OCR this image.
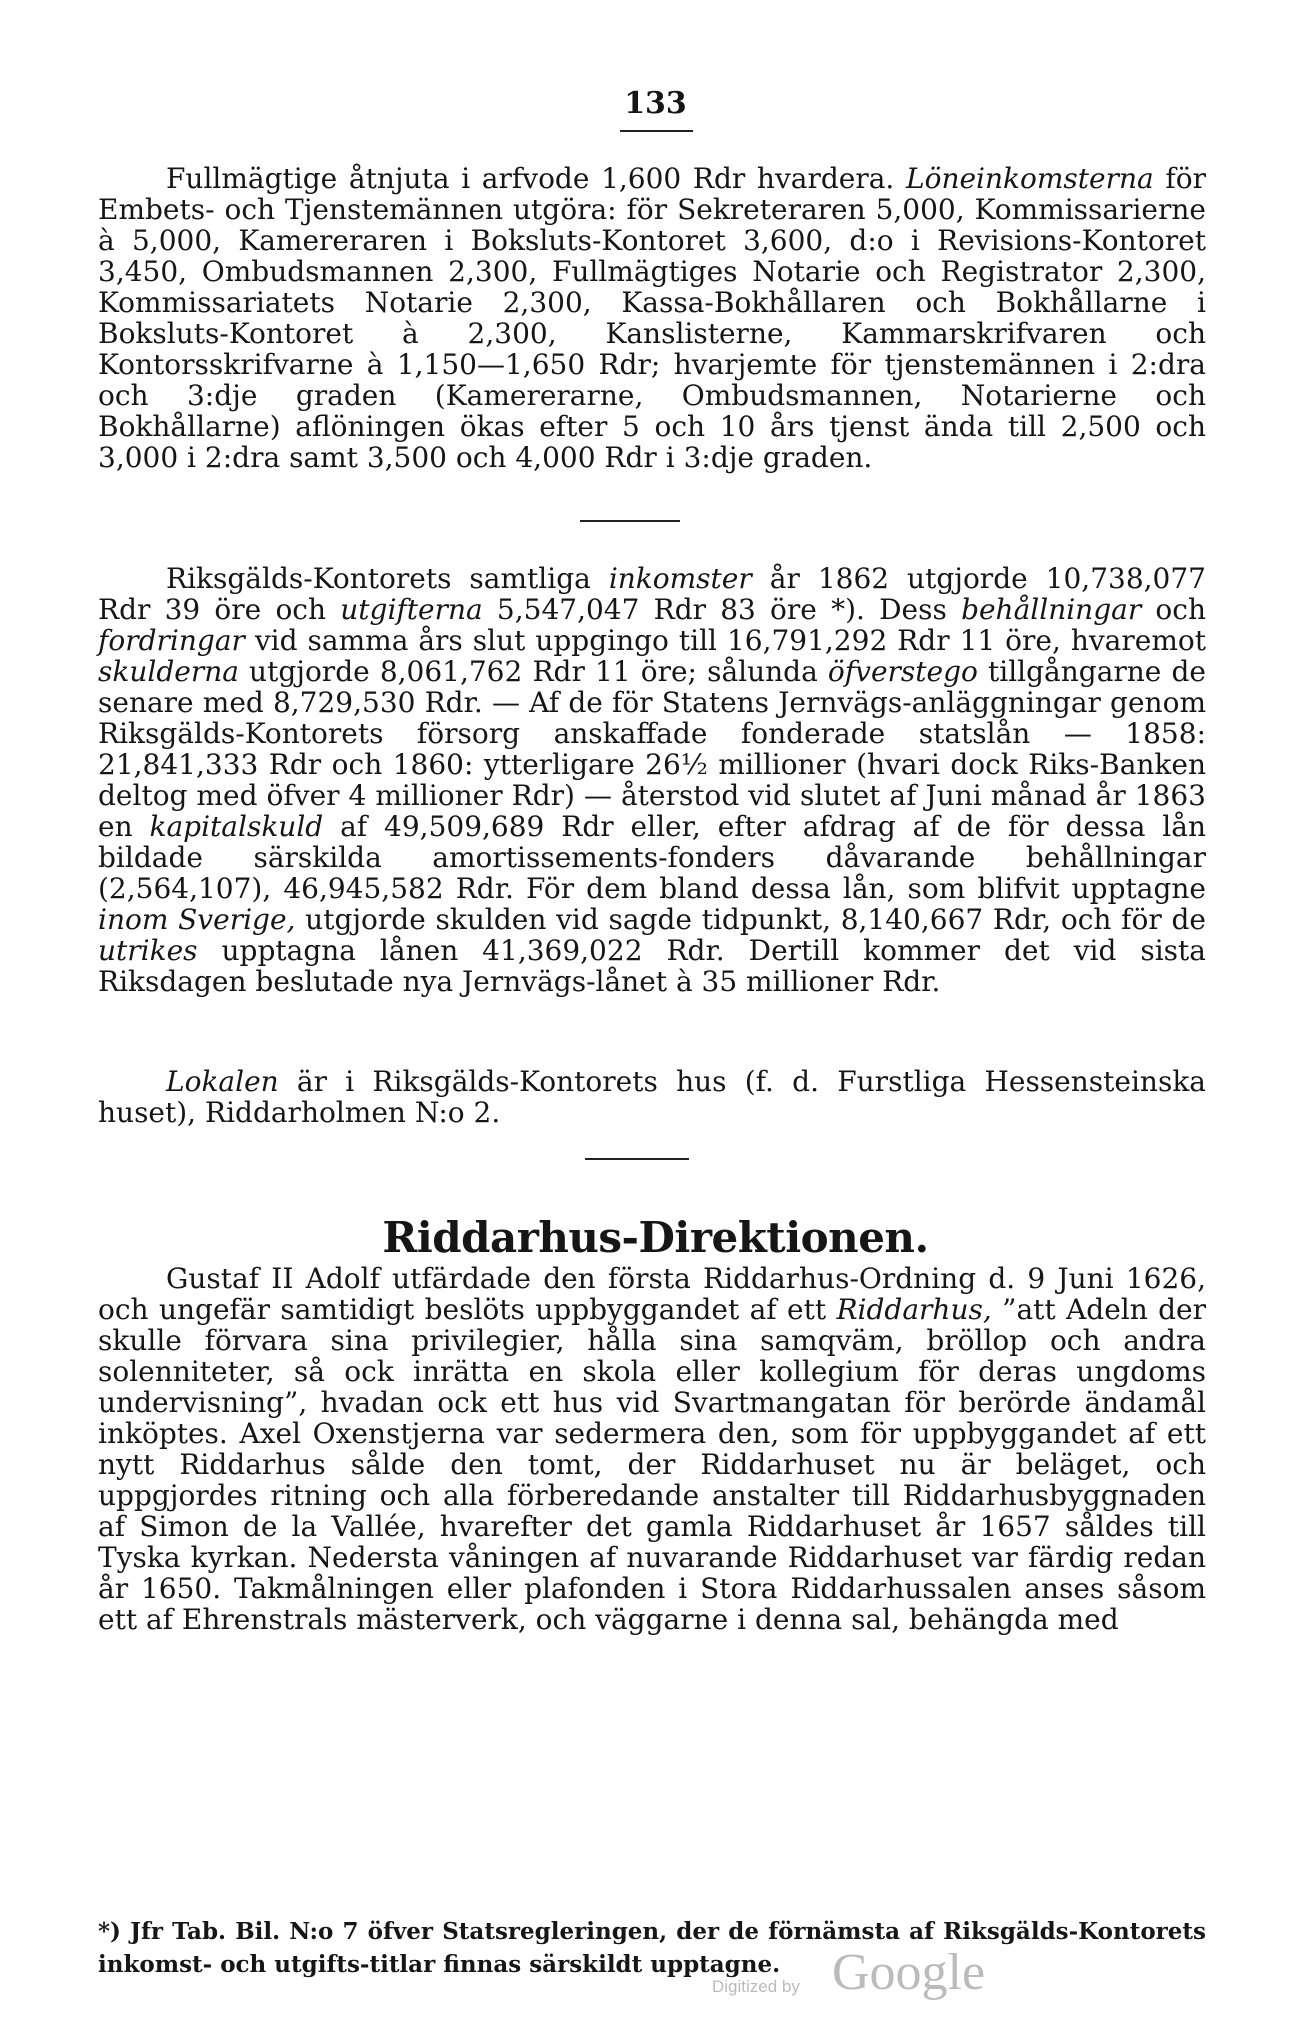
133

Fullmägtige åtnjuta i arfvode 1,600 Rdr hvardera. Löneinkomsterna för Embets- och Tjenstemännen utgöra: för Sekreteraren 5,000, Kommissarierne à 5,000, Kamereraren i Boksluts-Kontoret 3,600, d:o i Revisions-Kontoret 3,450, Ombudsmannen 2,300, Fullmägtiges Notarie och Registrator 2,300, Kommissariatets Notarie 2,300, Kassa-Bokhållaren och Bokhållarne i Boksluts-Kontoret à 2,300, Kanslisterne, Kammarskrifvaren och Kontorsskrifvarne à 1,150—1,650 Rdr; hvarjemte för tjenstemännen i 2:dra och 3:dje graden (Kamererarne, Ombudsmannen, Notarierne och Bokhållarne) aflöningen ökas efter 5 och 10 års tjenst ända till 2,500 och 3,000 i 2:dra samt 3,500 och 4,000 Rdr i 3:dje graden.

Riksgälds-Kontorets samtliga inkomster år 1862 utgjorde 10,738,077 Rdr 39 öre och utgifterna 5,547,047 Rdr 83 öre *). Dess behållningar och fordringar vid samma års slut uppgingo till 16,791,292 Rdr 11 öre, hvaremot skulderna utgjorde 8,061,762 Rdr 11 öre; sålunda öfverstego tillgångarne de senare med 8,729,530 Rdr. — Af de för Statens Jernvägs-anläggningar genom Riksgälds-Kontorets försorg anskaffade fonderade statslån — 1858: 21,841,333 Rdr och 1860: ytterligare 26½ millioner (hvari dock Riks-Banken deltog med öfver 4 millioner Rdr) — återstod vid slutet af Juni månad år 1863 en kapitalskuld af 49,509,689 Rdr eller, efter afdrag af de för dessa lån bildade särskilda amortissements-fonders dåvarande behållningar (2,564,107), 46,945,582 Rdr. För dem bland dessa lån, som blifvit upptagne inom Sverige, utgjorde skulden vid sagde tidpunkt, 8,140,667 Rdr, och för de utrikes upptagna lånen 41,369,022 Rdr. Dertill kommer det vid sista Riksdagen beslutade nya Jernvägs-lånet à 35 millioner Rdr.

Lokalen är i Riksgälds-Kontorets hus (f. d. Furstliga Hessensteinska huset), Riddarholmen N:o 2.

Riddarhus-Direktionen.

Gustaf II Adolf utfärdade den första Riddarhus-Ordning d. 9 Juni 1626, och ungefär samtidigt beslöts uppbyggandet af ett Riddarhus, ”att Adeln der skulle förvara sina privilegier, hålla sina samqväm, bröllop och andra solenniteter, så ock inrätta en skola eller kollegium för deras ungdoms undervisning”, hvadan ock ett hus vid Svartmangatan för berörde ändamål inköptes. Axel Oxenstjerna var sedermera den, som för uppbyggandet af ett nytt Riddarhus sålde den tomt, der Riddarhuset nu är beläget, och uppgjordes ritning och alla förberedande anstalter till Riddarhusbyggnaden af Simon de la Vallée, hvarefter det gamla Riddarhuset år 1657 såldes till Tyska kyrkan. Nedersta våningen af nuvarande Riddarhuset var färdig redan år 1650. Takmålningen eller plafonden i Stora Riddarhussalen anses såsom ett af Ehrenstrals mästerverk, och väggarne i denna sal, behängda med

*) Jfr Tab. Bil. N:o 7 öfver Statsregleringen, der de förnämsta af Riksgälds-Kontorets inkomst- och utgifts-titlar finnas särskildt upptagne.

Digitized by Google
